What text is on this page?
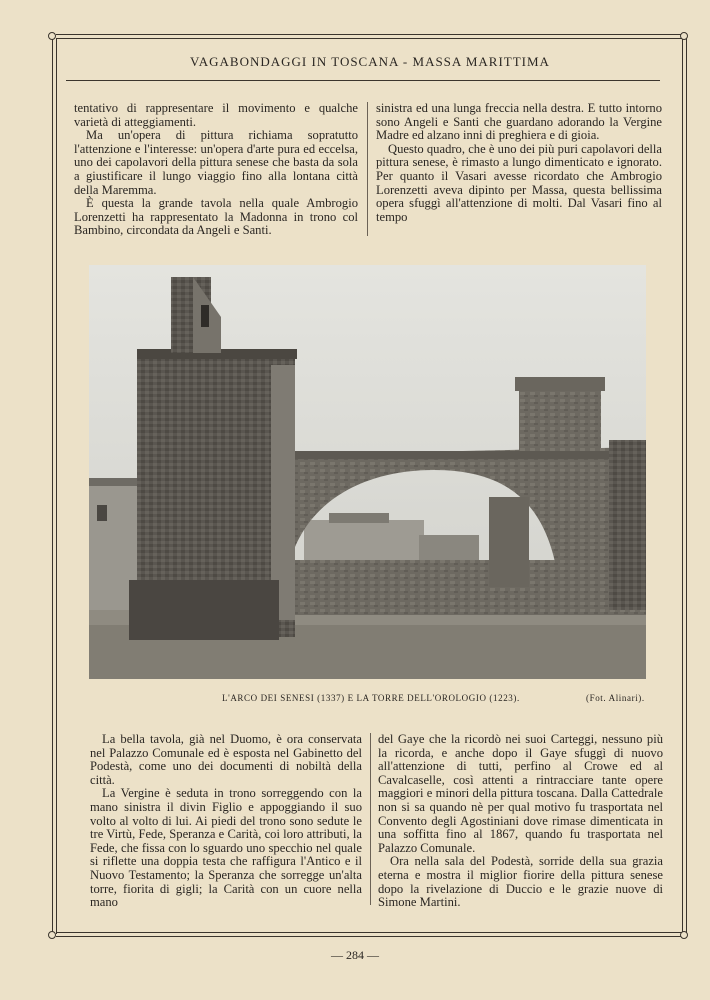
VAGABONDAGGI IN TOSCANA - MASSA MARITTIMA

tentativo di rappresentare il movimento e qualche varietà di atteggiamenti.

Ma un'opera di pittura richiama sopratutto l'attenzione e l'interesse: un'opera d'arte pura ed eccelsa, uno dei capolavori della pittura senese che basta da sola a giustificare il lungo viaggio fino alla lontana città della Maremma.

È questa la grande tavola nella quale Ambrogio Lorenzetti ha rappresentato la Madonna in trono col Bambino, circondata da Angeli e Santi.

sinistra ed una lunga freccia nella destra. E tutto intorno sono Angeli e Santi che guardano adorando la Vergine Madre ed alzano inni di preghiera e di gioia.

Questo quadro, che è uno dei più puri capolavori della pittura senese, è rimasto a lungo dimenticato e ignorato. Per quanto il Vasari avesse ricordato che Ambrogio Lorenzetti aveva dipinto per Massa, questa bellissima opera sfuggì all'attenzione di molti. Dal Vasari fino al tempo

L'ARCO DEI SENESI (1337) E LA TORRE DELL'OROLOGIO (1223).	(Fot. Alinari).

La bella tavola, già nel Duomo, è ora conservata nel Palazzo Comunale ed è esposta nel Gabinetto del Podestà, come uno dei documenti di nobiltà della città.

La Vergine è seduta in trono sorreggendo con la mano sinistra il divin Figlio e appoggiando il suo volto al volto di lui. Ai piedi del trono sono sedute le tre Virtù, Fede, Speranza e Carità, coi loro attributi, la Fede, che fissa con lo sguardo uno specchio nel quale si riflette una doppia testa che raffigura l'Antico e il Nuovo Testamento; la Speranza che sorregge un'alta torre, fiorita di gigli; la Carità con un cuore nella mano

del Gaye che la ricordò nei suoi Carteggi, nessuno più la ricorda, e anche dopo il Gaye sfuggì di nuovo all'attenzione di tutti, perfino al Crowe ed al Cavalcaselle, così attenti a rintracciare tante opere maggiori e minori della pittura toscana. Dalla Cattedrale non si sa quando nè per qual motivo fu trasportata nel Convento degli Agostiniani dove rimase dimenticata in una soffitta fino al 1867, quando fu trasportata nel Palazzo Comunale.

Ora nella sala del Podestà, sorride della sua grazia eterna e mostra il miglior fiorire della pittura senese dopo la rivelazione di Duccio e le grazie nuove di Simone Martini.

— 284 —
